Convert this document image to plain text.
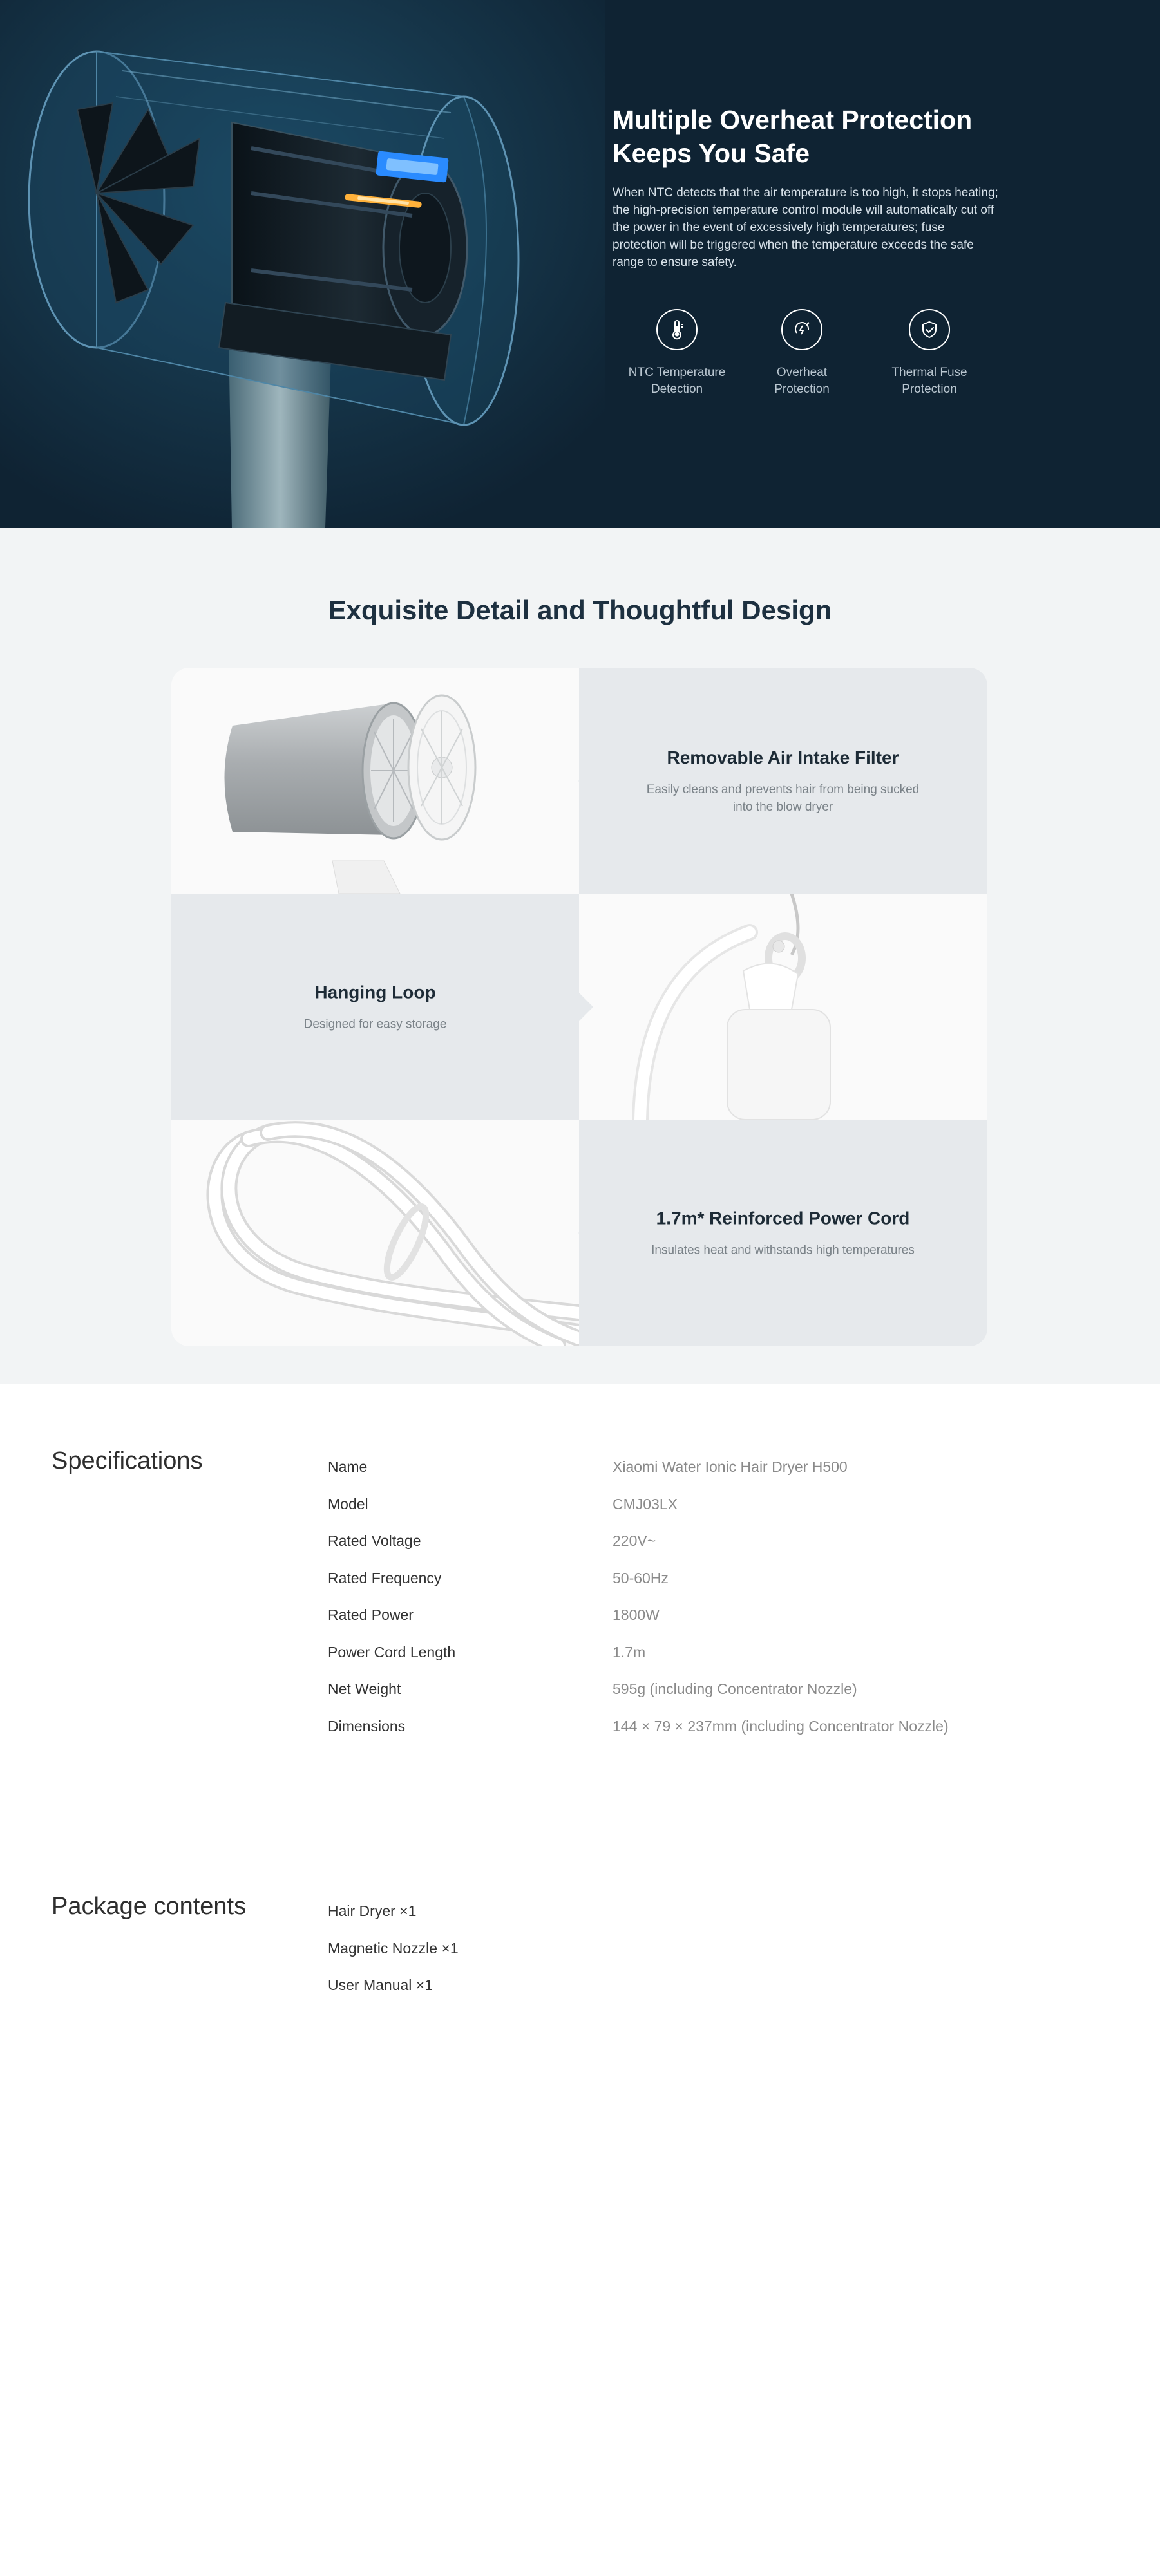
Multiple Overheat Protection
Keeps You Safe

When NTC detects that the air temperature is too high, it stops heating; the high-precision temperature control module will automatically cut off the power in the event of excessively high temperatures; fuse protection will be triggered when the temperature exceeds the safe range to ensure safety.

NTC Temperature
Detection
Overheat
Protection
Thermal Fuse
Protection
Exquisite Detail and Thoughtful Design
Removable Air Intake Filter
Easily cleans and prevents hair from being sucked into the blow dryer
Hanging Loop
Designed for easy storage
1.7m* Reinforced Power Cord
Insulates heat and withstands high temperatures
Specifications	Name	Xiaomi Water Ionic Hair Dryer H500
Model	CMJ03LX
Rated Voltage	220V~
Rated Frequency	50-60Hz
Rated Power	1800W
Power Cord Length	1.7m
Net Weight	595g (including Concentrator Nozzle)
Dimensions	144 × 79 × 237mm (including Concentrator Nozzle)
Package contents	Hair Dryer ×1
Magnetic Nozzle ×1
User Manual ×1
